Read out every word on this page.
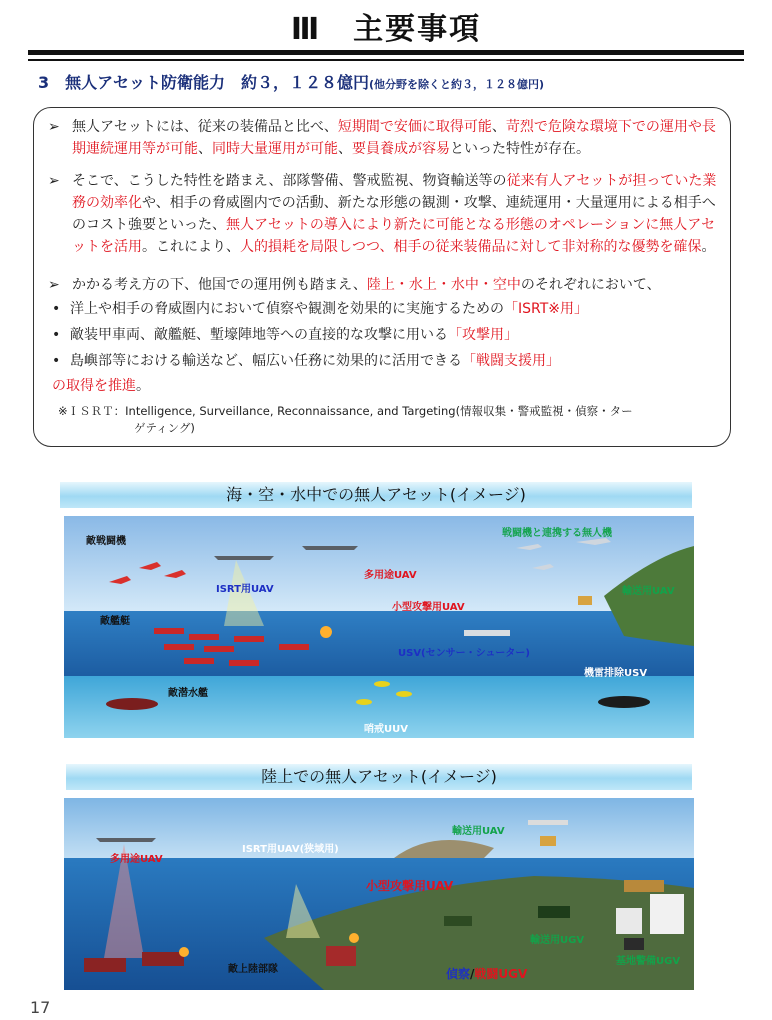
Ⅲ　主要事項
3　無人アセット防衛能力　約３，１２８億円(他分野を除くと約３，１２８億円)
➢ 無人アセットには、従来の装備品と比べ、短期間で安価に取得可能、苛烈で危険な環境下での運用や長期連続運用等が可能、同時大量運用が可能、要員養成が容易といった特性が存在。
➢ そこで、こうした特性を踏まえ、部隊警備、警戒監視、物資輸送等の従来有人アセットが担っていた業務の効率化や、相手の脅威圏内での活動、新たな形態の観測・攻撃、連続運用・大量運用による相手へのコスト強要といった、無人アセットの導入により新たに可能となる形態のオペレーションに無人アセットを活用。これにより、人的損耗を局限しつつ、相手の従来装備品に対して非対称的な優勢を確保。
➢ かかる考え方の下、他国での運用例も踏まえ、陸上・水上・水中・空中のそれぞれにおいて、
• 洋上や相手の脅威圏内において偵察や観測を効果的に実施するための「ISRT※用」
• 敵装甲車両、敵艦艇、塹壕陣地等への直接的な攻撃に用いる「攻撃用」
• 島嶼部等における輸送など、幅広い任務に効果的に活用できる「戦闘支援用」
の取得を推進。
※ＩＳＲＴ：Intelligence, Surveillance, Reconnaissance, and Targeting(情報収集・警戒監視・偵察・ター
ゲティング)
海・空・水中での無人アセット(イメージ)
敵戦闘機
敵艦艇
敵潜水艦
ISRT用UAV
多用途UAV
小型攻撃用UAV
USV(センサー・シューター)
機雷排除USV
哨戒UUV
戦闘機と連携する無人機
輸送用UAV
陸上での無人アセット(イメージ)
多用途UAV
ISRT用UAV(狭域用)
輸送用UAV
小型攻撃用UAV
輸送用UGV
敵上陸部隊	偵察/戦闘UGV
基地警備UGV
17
